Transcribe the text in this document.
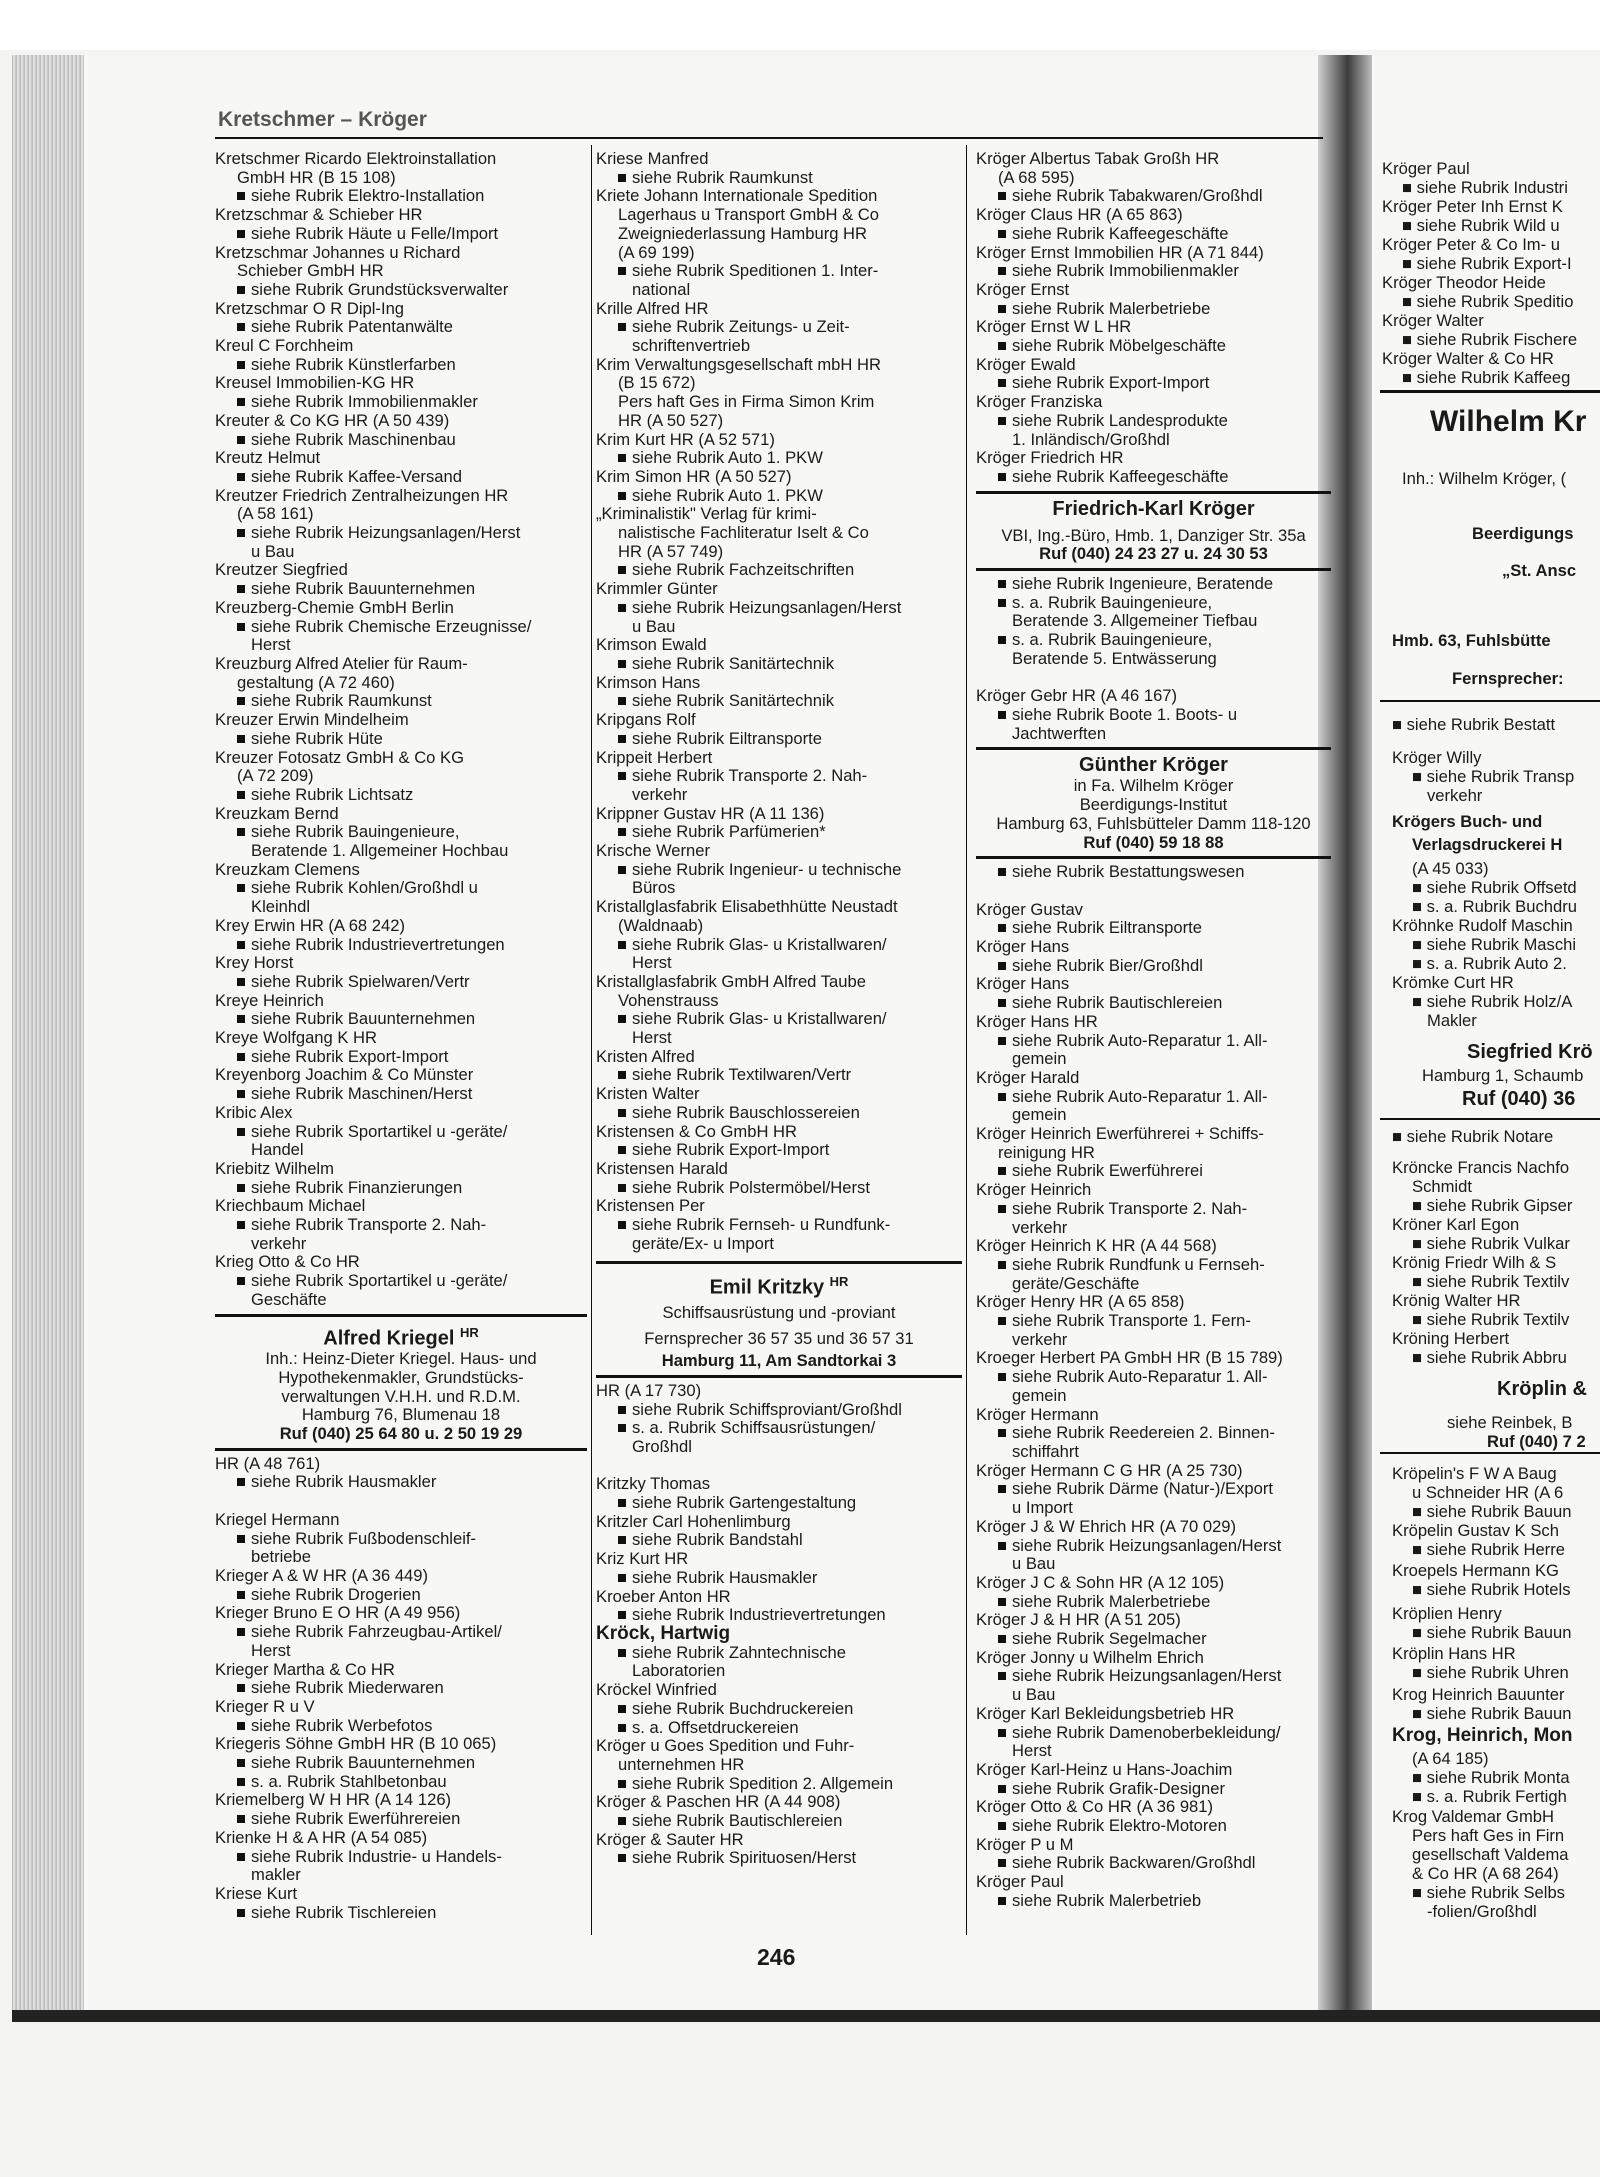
Kröger Paul
■ siehe Rubrik Industri
Kröger Peter Inh Ernst K
■ siehe Rubrik Wild u
Kröger Peter & Co Im- u
■ siehe Rubrik Export-I
Kröger Theodor Heide
■ siehe Rubrik Speditio
Kröger Walter
■ siehe Rubrik Fischere
Kröger Walter & Co HR
■ siehe Rubrik Kaffeeg
Wilhelm Kr
Inh.: Wilhelm Kröger, (
Beerdigungs
„St. Ansc
Hmb. 63, Fuhlsbütte
Fernsprecher:
■ siehe Rubrik Bestatt
Kröger Willy
■ siehe Rubrik Transp
verkehr
Krögers Buch- und
Verlagsdruckerei H
(A 45 033)
■ siehe Rubrik Offsetd
■ s. a. Rubrik Buchdru
Kröhnke Rudolf Maschin
■ siehe Rubrik Maschi
■ s. a. Rubrik Auto 2.
Krömke Curt HR
■ siehe Rubrik Holz/A
Makler
Siegfried Krö
Hamburg 1, Schaumb
Ruf (040) 36
■ siehe Rubrik Notare
Kröncke Francis Nachfo
Schmidt
■ siehe Rubrik Gipser
Kröner Karl Egon
■ siehe Rubrik Vulkar
Krönig Friedr Wilh & S
■ siehe Rubrik Textilv
Krönig Walter HR
■ siehe Rubrik Textilv
Kröning Herbert
■ siehe Rubrik Abbru
Kröplin &
siehe Reinbek, B
Ruf (040) 7 2
Kröpelin's F W A Baug
u Schneider HR (A 6
■ siehe Rubrik Bauun
Kröpelin Gustav K Sch
■ siehe Rubrik Herre
Kroepels Hermann KG
■ siehe Rubrik Hotels
Kröplien Henry
■ siehe Rubrik Bauun
Kröplin Hans HR
■ siehe Rubrik Uhren
Krog Heinrich Bauunter
■ siehe Rubrik Bauun
Krog, Heinrich, Mon
(A 64 185)
■ siehe Rubrik Monta
■ s. a. Rubrik Fertigh
Krog Valdemar GmbH
Pers haft Ges in Firn
gesellschaft Valdema
& Co HR (A 68 264)
■ siehe Rubrik Selbs
-folien/Großhdl
Kretschmer – Kröger
Kretschmer Ricardo Elektroinstallation
GmbH HR (B 15 108)
siehe Rubrik Elektro-Installation
Kretzschmar & Schieber HR
siehe Rubrik Häute u Felle/Import
Kretzschmar Johannes u Richard
Schieber GmbH HR
siehe Rubrik Grundstücksverwalter
Kretzschmar O R Dipl-Ing
siehe Rubrik Patentanwälte
Kreul C Forchheim
siehe Rubrik Künstlerfarben
Kreusel Immobilien-KG HR
siehe Rubrik Immobilienmakler
Kreuter & Co KG HR (A 50 439)
siehe Rubrik Maschinenbau
Kreutz Helmut
siehe Rubrik Kaffee-Versand
Kreutzer Friedrich Zentralheizungen HR
(A 58 161)
siehe Rubrik Heizungsanlagen/Herst
u Bau
Kreutzer Siegfried
siehe Rubrik Bauunternehmen
Kreuzberg-Chemie GmbH Berlin
siehe Rubrik Chemische Erzeugnisse/
Herst
Kreuzburg Alfred Atelier für Raum-
gestaltung (A 72 460)
siehe Rubrik Raumkunst
Kreuzer Erwin Mindelheim
siehe Rubrik Hüte
Kreuzer Fotosatz GmbH & Co KG
(A 72 209)
siehe Rubrik Lichtsatz
Kreuzkam Bernd
siehe Rubrik Bauingenieure,
Beratende 1. Allgemeiner Hochbau
Kreuzkam Clemens
siehe Rubrik Kohlen/Großhdl u
Kleinhdl
Krey Erwin HR (A 68 242)
siehe Rubrik Industrievertretungen
Krey Horst
siehe Rubrik Spielwaren/Vertr
Kreye Heinrich
siehe Rubrik Bauunternehmen
Kreye Wolfgang K HR
siehe Rubrik Export-Import
Kreyenborg Joachim & Co Münster
siehe Rubrik Maschinen/Herst
Kribic Alex
siehe Rubrik Sportartikel u -geräte/
Handel
Kriebitz Wilhelm
siehe Rubrik Finanzierungen
Kriechbaum Michael
siehe Rubrik Transporte 2. Nah-
verkehr
Krieg Otto & Co HR
siehe Rubrik Sportartikel u -geräte/
Geschäfte
Alfred Kriegel $^{HR}$
Inh.: Heinz-Dieter Kriegel. Haus- und
Hypothekenmakler, Grundstücks-
verwaltungen V.H.H. und R.D.M.
Hamburg 76, Blumenau 18
Ruf (040) 25 64 80 u. 2 50 19 29
HR (A 48 761)
siehe Rubrik Hausmakler

Kriegel Hermann
siehe Rubrik Fußbodenschleif-
betriebe
Krieger A & W HR (A 36 449)
siehe Rubrik Drogerien
Krieger Bruno E O HR (A 49 956)
siehe Rubrik Fahrzeugbau-Artikel/
Herst
Krieger Martha & Co HR
siehe Rubrik Miederwaren
Krieger R u V
siehe Rubrik Werbefotos
Kriegeris Söhne GmbH HR (B 10 065)
siehe Rubrik Bauunternehmen
s. a. Rubrik Stahlbetonbau
Kriemelberg W H HR (A 14 126)
siehe Rubrik Ewerführereien
Krienke H & A HR (A 54 085)
siehe Rubrik Industrie- u Handels-
makler
Kriese Kurt
siehe Rubrik Tischlereien
Kriese Manfred
siehe Rubrik Raumkunst
Kriete Johann Internationale Spedition
Lagerhaus u Transport GmbH & Co
Zweigniederlassung Hamburg HR
(A 69 199)
siehe Rubrik Speditionen 1. Inter-
national
Krille Alfred HR
siehe Rubrik Zeitungs- u Zeit-
schriftenvertrieb
Krim Verwaltungsgesellschaft mbH HR
(B 15 672)
Pers haft Ges in Firma Simon Krim
HR (A 50 527)
Krim Kurt HR (A 52 571)
siehe Rubrik Auto 1. PKW
Krim Simon HR (A 50 527)
siehe Rubrik Auto 1. PKW
„Kriminalistik" Verlag für krimi-
nalistische Fachliteratur Iselt & Co
HR (A 57 749)
siehe Rubrik Fachzeitschriften
Krimmler Günter
siehe Rubrik Heizungsanlagen/Herst
u Bau
Krimson Ewald
siehe Rubrik Sanitärtechnik
Krimson Hans
siehe Rubrik Sanitärtechnik
Kripgans Rolf
siehe Rubrik Eiltransporte
Krippeit Herbert
siehe Rubrik Transporte 2. Nah-
verkehr
Krippner Gustav HR (A 11 136)
siehe Rubrik Parfümerien*
Krische Werner
siehe Rubrik Ingenieur- u technische
Büros
Kristallglasfabrik Elisabethhütte Neustadt
(Waldnaab)
siehe Rubrik Glas- u Kristallwaren/
Herst
Kristallglasfabrik GmbH Alfred Taube
Vohenstrauss
siehe Rubrik Glas- u Kristallwaren/
Herst
Kristen Alfred
siehe Rubrik Textilwaren/Vertr
Kristen Walter
siehe Rubrik Bauschlossereien
Kristensen & Co GmbH HR
siehe Rubrik Export-Import
Kristensen Harald
siehe Rubrik Polstermöbel/Herst
Kristensen Per
siehe Rubrik Fernseh- u Rundfunk-
geräte/Ex- u Import
Emil Kritzky $^{HR}$
Schiffsausrüstung und -proviant
Fernsprecher 36 57 35 und 36 57 31
Hamburg 11, Am Sandtorkai 3
HR (A 17 730)
siehe Rubrik Schiffsproviant/Großhdl
s. a. Rubrik Schiffsausrüstungen/
Großhdl

Kritzky Thomas
siehe Rubrik Gartengestaltung
Kritzler Carl Hohenlimburg
siehe Rubrik Bandstahl
Kriz Kurt HR
siehe Rubrik Hausmakler
Kroeber Anton HR
siehe Rubrik Industrievertretungen
Kröck, Hartwig
siehe Rubrik Zahntechnische
Laboratorien
Kröckel Winfried
siehe Rubrik Buchdruckereien
s. a. Offsetdruckereien
Kröger u Goes Spedition und Fuhr-
unternehmen HR
siehe Rubrik Spedition 2. Allgemein
Kröger & Paschen HR (A 44 908)
siehe Rubrik Bautischlereien
Kröger & Sauter HR
siehe Rubrik Spirituosen/Herst
Kröger Albertus Tabak Großh HR
(A 68 595)
siehe Rubrik Tabakwaren/Großhdl
Kröger Claus HR (A 65 863)
siehe Rubrik Kaffeegeschäfte
Kröger Ernst Immobilien HR (A 71 844)
siehe Rubrik Immobilienmakler
Kröger Ernst
siehe Rubrik Malerbetriebe
Kröger Ernst W L HR
siehe Rubrik Möbelgeschäfte
Kröger Ewald
siehe Rubrik Export-Import
Kröger Franziska
siehe Rubrik Landesprodukte
1. Inländisch/Großhdl
Kröger Friedrich HR
siehe Rubrik Kaffeegeschäfte
Friedrich-Karl Kröger
VBI, Ing.-Büro, Hmb. 1, Danziger Str. 35a
Ruf (040) 24 23 27 u. 24 30 53
siehe Rubrik Ingenieure, Beratende
s. a. Rubrik Bauingenieure,
Beratende 3. Allgemeiner Tiefbau
s. a. Rubrik Bauingenieure,
Beratende 5. Entwässerung

Kröger Gebr HR (A 46 167)
siehe Rubrik Boote 1. Boots- u
Jachtwerften
Günther Kröger
in Fa. Wilhelm Kröger
Beerdigungs-Institut
Hamburg 63, Fuhlsbütteler Damm 118-120
Ruf (040) 59 18 88
siehe Rubrik Bestattungswesen

Kröger Gustav
siehe Rubrik Eiltransporte
Kröger Hans
siehe Rubrik Bier/Großhdl
Kröger Hans
siehe Rubrik Bautischlereien
Kröger Hans HR
siehe Rubrik Auto-Reparatur 1. All-
gemein
Kröger Harald
siehe Rubrik Auto-Reparatur 1. All-
gemein
Kröger Heinrich Ewerführerei + Schiffs-
reinigung HR
siehe Rubrik Ewerführerei
Kröger Heinrich
siehe Rubrik Transporte 2. Nah-
verkehr
Kröger Heinrich K HR (A 44 568)
siehe Rubrik Rundfunk u Fernseh-
geräte/Geschäfte
Kröger Henry HR (A 65 858)
siehe Rubrik Transporte 1. Fern-
verkehr
Kroeger Herbert PA GmbH HR (B 15 789)
siehe Rubrik Auto-Reparatur 1. All-
gemein
Kröger Hermann
siehe Rubrik Reedereien 2. Binnen-
schiffahrt
Kröger Hermann C G HR (A 25 730)
siehe Rubrik Därme (Natur-)/Export
u Import
Kröger J & W Ehrich HR (A 70 029)
siehe Rubrik Heizungsanlagen/Herst
u Bau
Kröger J C & Sohn HR (A 12 105)
siehe Rubrik Malerbetriebe
Kröger J & H HR (A 51 205)
siehe Rubrik Segelmacher
Kröger Jonny u Wilhelm Ehrich
siehe Rubrik Heizungsanlagen/Herst
u Bau
Kröger Karl Bekleidungsbetrieb HR
siehe Rubrik Damenoberbekleidung/
Herst
Kröger Karl-Heinz u Hans-Joachim
siehe Rubrik Grafik-Designer
Kröger Otto & Co HR (A 36 981)
siehe Rubrik Elektro-Motoren
Kröger P u M
siehe Rubrik Backwaren/Großhdl
Kröger Paul
siehe Rubrik Malerbetrieb
246
